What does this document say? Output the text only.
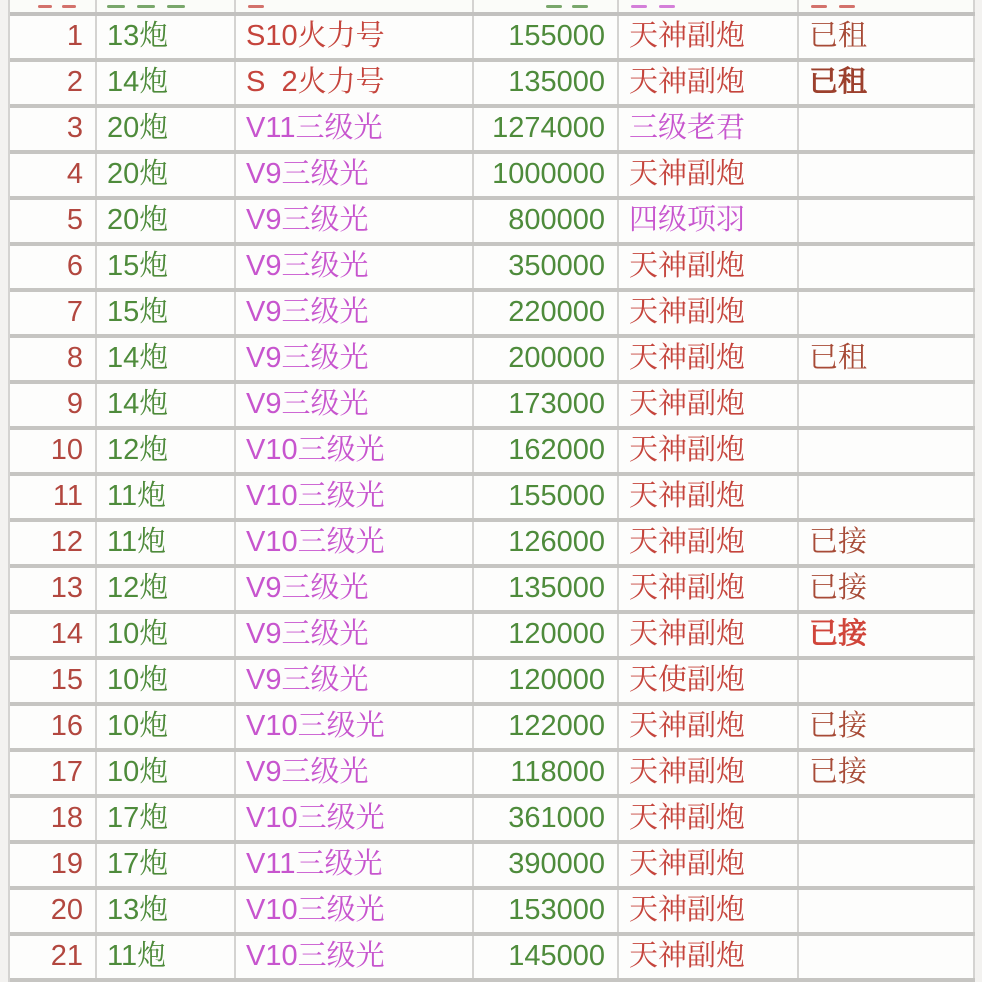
1 13炮	S10火力号	155000 天神副炮	已租
2 14炮	S  2火力号	135000 天神副炮	已租
3 20炮	V11三级光	1274000 三级老君
4 20炮	V9三级光	1000000 天神副炮
5 20炮	V9三级光	800000 四级项羽
6 15炮	V9三级光	350000 天神副炮
7 15炮	V9三级光	220000 天神副炮
8 14炮	V9三级光	200000 天神副炮	已租
9 14炮	V9三级光	173000 天神副炮
10 12炮	V10三级光	162000 天神副炮
11 11炮	V10三级光	155000 天神副炮
12 11炮	V10三级光	126000 天神副炮	已接
13 12炮	V9三级光	135000 天神副炮	已接
14 10炮	V9三级光	120000 天神副炮	已接
15 10炮	V9三级光	120000 天使副炮
16 10炮	V10三级光	122000 天神副炮	已接
17 10炮	V9三级光	118000 天神副炮	已接
18 17炮	V10三级光	361000 天神副炮
19 17炮	V11三级光	390000 天神副炮
20 13炮	V10三级光	153000 天神副炮
21 11炮	V10三级光	145000 天神副炮
